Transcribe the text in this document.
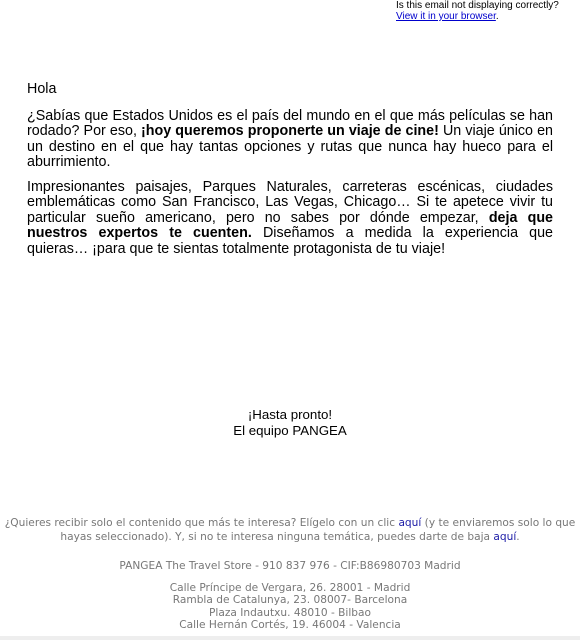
Is this email not displaying correctly?
View it in your browser.

Hola

¿Sabías que Estados Unidos es el país del mundo en el que más películas se han rodado? Por eso, ¡hoy queremos proponerte un viaje de cine! Un viaje único en un destino en el que hay tantas opciones y rutas que nunca hay hueco para el aburrimiento.

Impresionantes paisajes, Parques Naturales, carreteras escénicas, ciudades emblemáticas como San Francisco, Las Vegas, Chicago… Si te apetece vivir tu particular sueño americano, pero no sabes por dónde empezar, deja que nuestros expertos te cuenten. Diseñamos a medida la experiencia que quieras… ¡para que te sientas totalmente protagonista de tu viaje!

¡Hasta pronto!
El equipo PANGEA
¿Quieres recibir solo el contenido que más te interesa? Elígelo con un clic aquí (y te enviaremos solo lo que hayas seleccionado). Y, si no te interesa ninguna temática, puedes darte de baja aquí.
PANGEA The Travel Store - 910 837 976 - CIF:B86980703 Madrid
Calle Príncipe de Vergara, 26. 28001 - Madrid
Rambla de Catalunya, 23. 08007- Barcelona
Plaza Indautxu. 48010 - Bilbao
Calle Hernán Cortés, 19. 46004 - Valencia
